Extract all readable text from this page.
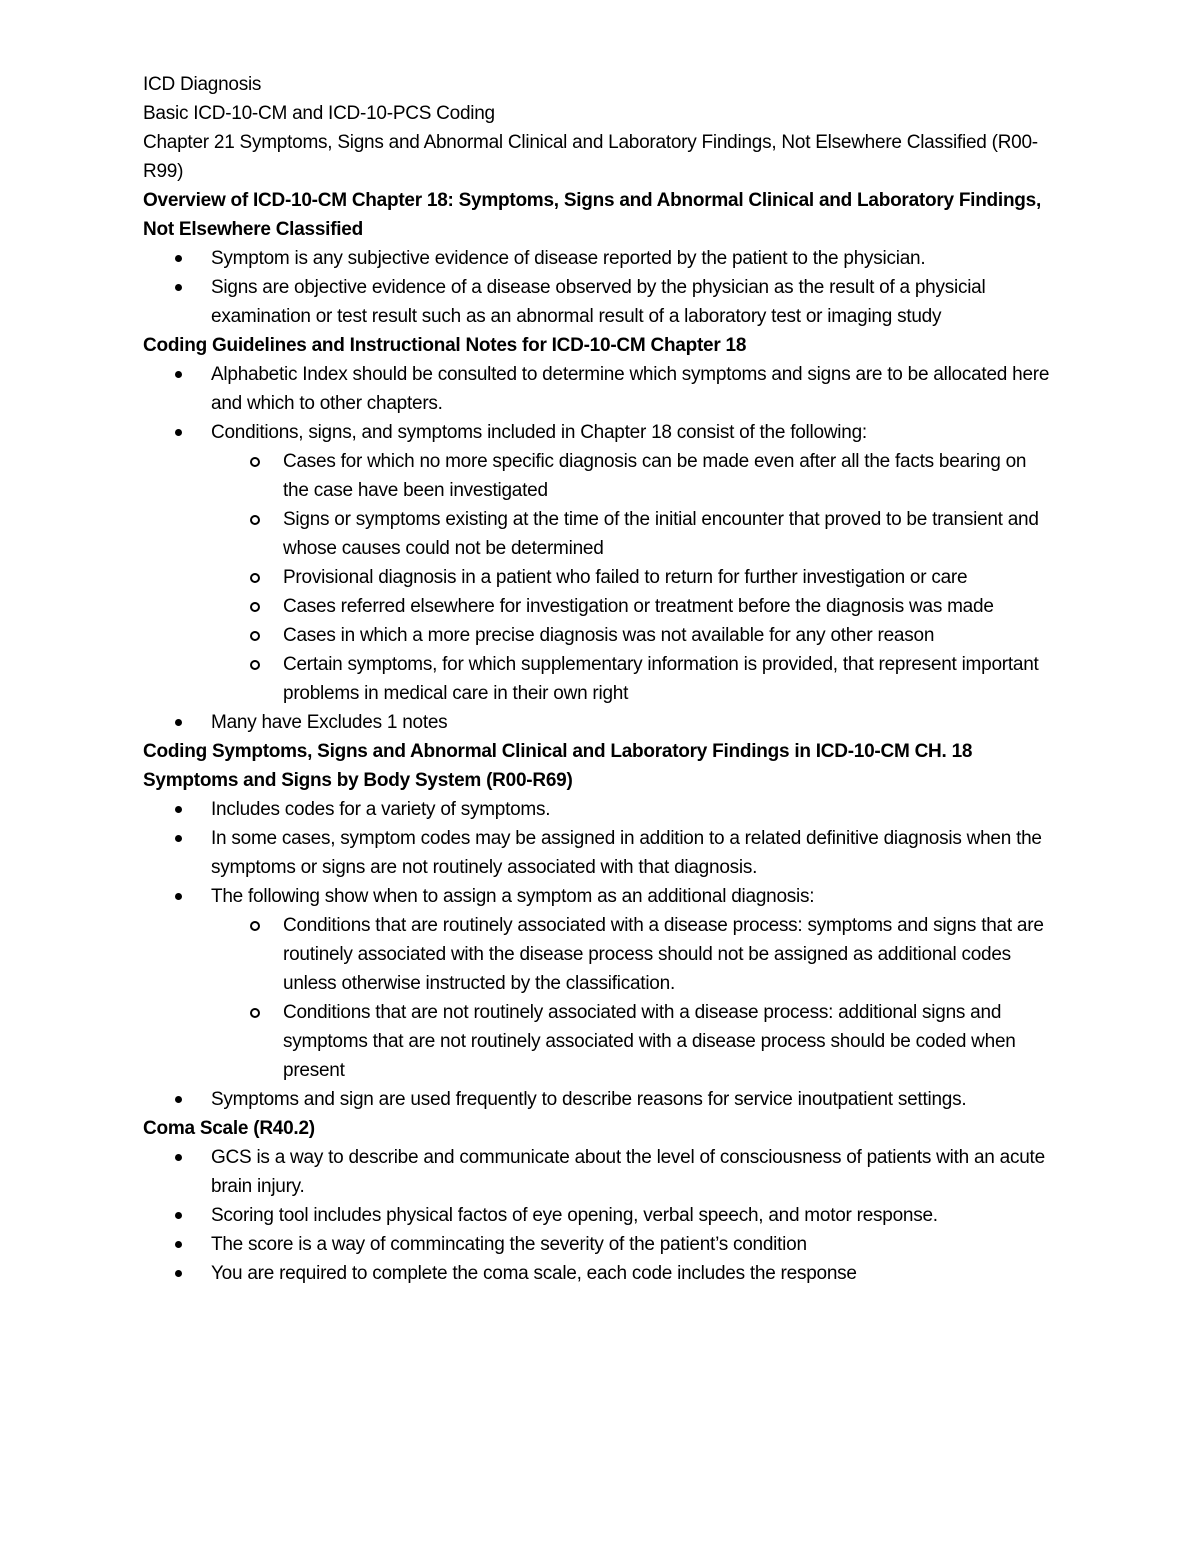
ICD Diagnosis

Basic ICD-10-CM and ICD-10-PCS Coding

Chapter 21 Symptoms, Signs and Abnormal Clinical and Laboratory Findings, Not Elsewhere Classified (R00-R99)

Overview of ICD-10-CM Chapter 18: Symptoms, Signs and Abnormal Clinical and Laboratory Findings, Not Elsewhere Classified

Symptom is any subjective evidence of disease reported by the patient to the physician.
Signs are objective evidence of a disease observed by the physician as the result of a physicial examination or test result such as an abnormal result of a laboratory test or imaging study

Coding Guidelines and Instructional Notes for ICD-10-CM Chapter 18

Alphabetic Index should be consulted to determine which symptoms and signs are to be allocated here and which to other chapters.
Conditions, signs, and symptoms included in Chapter 18 consist of the following:
Cases for which no more specific diagnosis can be made even after all the facts bearing on the case have been investigated
Signs or symptoms existing at the time of the initial encounter that proved to be transient and whose causes could not be determined
Provisional diagnosis in a patient who failed to return for further investigation or care
Cases referred elsewhere for investigation or treatment before the diagnosis was made
Cases in which a more precise diagnosis was not available for any other reason
Certain symptoms, for which supplementary information is provided, that represent important problems in medical care in their own right
Many have Excludes 1 notes

Coding Symptoms, Signs and Abnormal Clinical and Laboratory Findings in ICD-10-CM CH. 18

Symptoms and Signs by Body System (R00-R69)

Includes codes for a variety of symptoms.
In some cases, symptom codes may be assigned in addition to a related definitive diagnosis when the symptoms or signs are not routinely associated with that diagnosis.
The following show when to assign a symptom as an additional diagnosis:
Conditions that are routinely associated with a disease process: symptoms and signs that are routinely associated with the disease process should not be assigned as additional codes unless otherwise instructed by the classification.
Conditions that are not routinely associated with a disease process: additional signs and symptoms that are not routinely associated with a disease process should be coded when present
Symptoms and sign are used frequently to describe reasons for service inoutpatient settings.

Coma Scale (R40.2)

GCS is a way to describe and communicate about the level of consciousness of patients with an acute brain injury.
Scoring tool includes physical factos of eye opening, verbal speech, and motor response.
The score is a way of commincating the severity of the patient’s condition
You are required to complete the coma scale, each code includes the response
